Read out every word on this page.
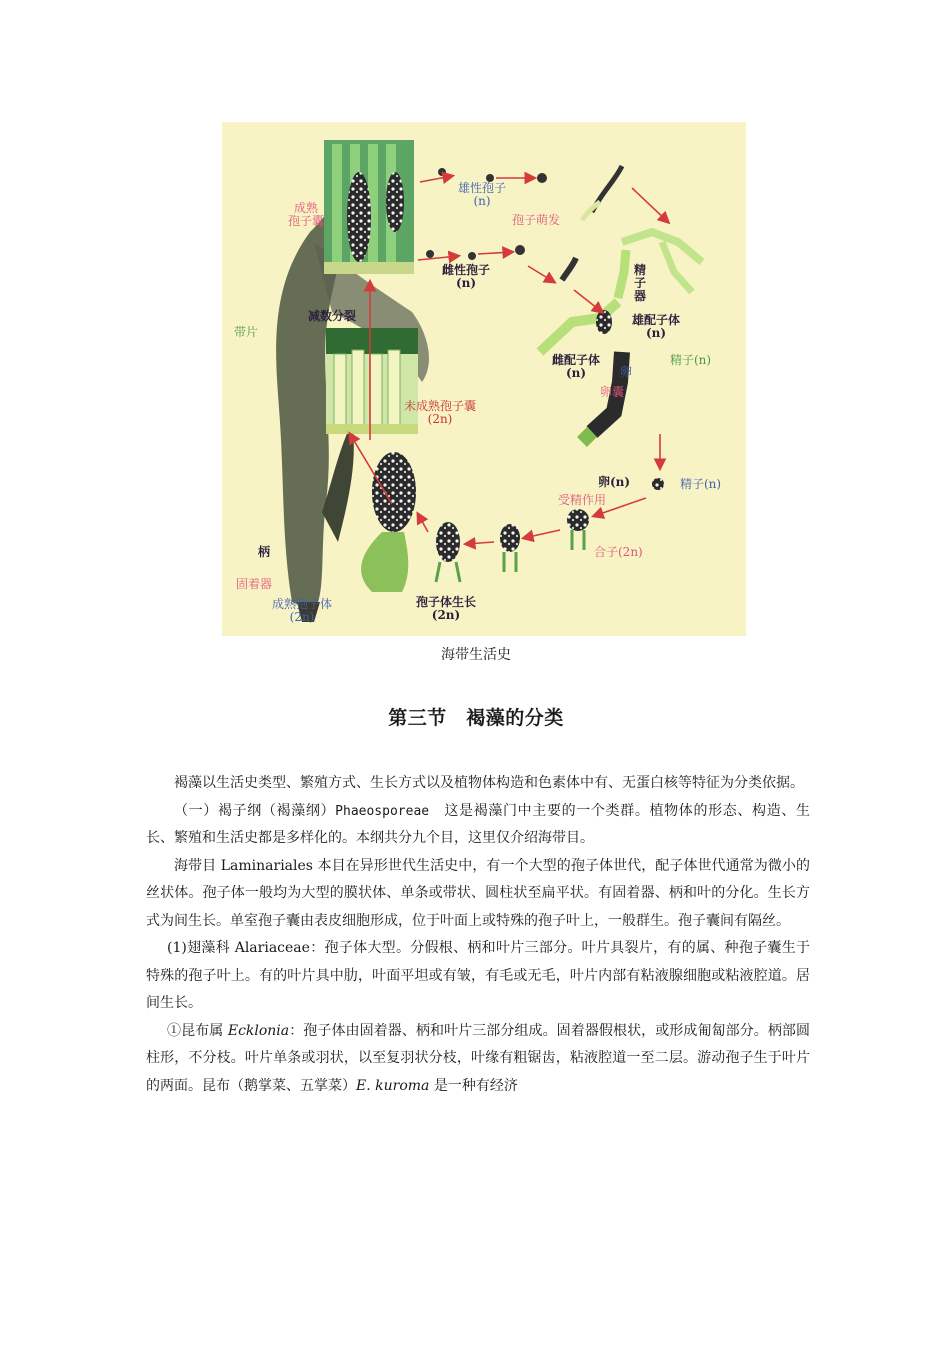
成熟
孢子囊
雄性孢子
(n)
孢子萌发
雌性孢子
(n)
精
子
器
雄配子体
(n)
减数分裂
带片
雌配子体
(n)	卵
卵囊
精子(n)
未成熟孢子囊
(2n)
卵(n)	精子(n)
受精作用
柄	合子(2n)
固着器
成熟孢子体
(2n)
孢子体生长
(2n)
海带生活史
第三节　褐藻的分类

褐藻以生活史类型、繁殖方式、生长方式以及植物体构造和色素体中有、无蛋白核等特征为分类依据。

（一）褐子纲（褐藻纲）Phaeosporeae　这是褐藻门中主要的一个类群。植物体的形态、构造、生长、繁殖和生活史都是多样化的。本纲共分九个目，这里仅介绍海带目。

海带目 Laminariales 本目在异形世代生活史中，有一个大型的孢子体世代，配子体世代通常为微小的丝状体。孢子体一般均为大型的膜状体、单条或带状、圆柱状至扁平状。有固着器、柄和叶的分化。生长方式为间生长。单室孢子囊由表皮细胞形成，位于叶面上或特殊的孢子叶上，一般群生。孢子囊间有隔丝。

(1)翅藻科 Alariaceae：孢子体大型。分假根、柄和叶片三部分。叶片具裂片，有的属、种孢子囊生于特殊的孢子叶上。有的叶片具中肋，叶面平坦或有皱，有毛或无毛，叶片内部有粘液腺细胞或粘液腔道。居间生长。

①昆布属 Ecklonia：孢子体由固着器、柄和叶片三部分组成。固着器假根状，或形成匍匐部分。柄部圆柱形，不分枝。叶片单条或羽状，以至复羽状分枝，叶缘有粗锯齿，粘液腔道一至二层。游动孢子生于叶片的两面。昆布（鹅掌菜、五掌菜）E. kuroma 是一种有经济
